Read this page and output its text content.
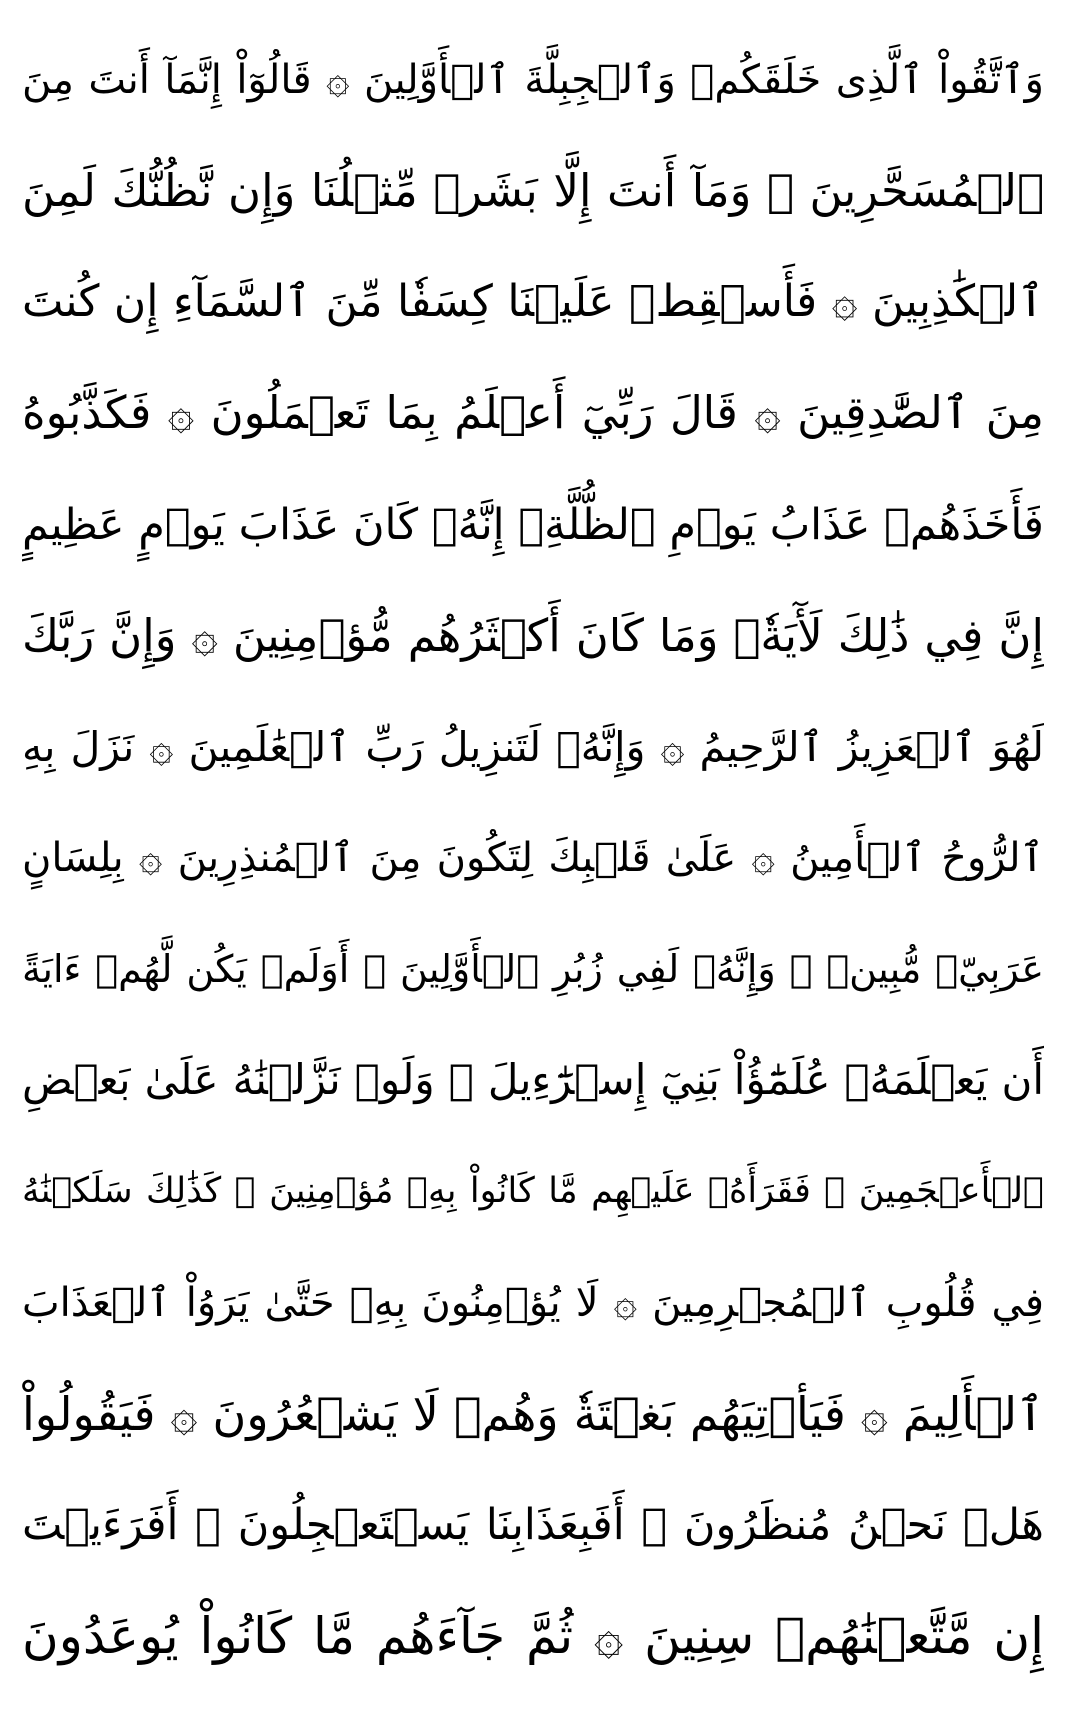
وَٱتَّقُواْ ٱلَّذِى خَلَقَكُمۡ وَٱلۡجِبِلَّةَ ٱلۡأَوَّلِينَ ۞ قَالُوٓاْ إِنَّمَآ أَنتَ مِنَ
ٱلۡمُسَحَّرِينَ ۞ وَمَآ أَنتَ إِلَّا بَشَرٞ مِّثۡلُنَا وَإِن نَّظُنُّكَ لَمِنَ
ٱلۡكَٰذِبِينَ ۞ فَأَسۡقِطۡ عَلَيۡنَا كِسَفٗا مِّنَ ٱلسَّمَآءِ إِن كُنتَ
مِنَ ٱلصَّٰدِقِينَ ۞ قَالَ رَبِّيٓ أَعۡلَمُ بِمَا تَعۡمَلُونَ ۞ فَكَذَّبُوهُ
فَأَخَذَهُمۡ عَذَابُ يَوۡمِ ٱلظُّلَّةِۚ إِنَّهُۥ كَانَ عَذَابَ يَوۡمٍ عَظِيمٍ
إِنَّ فِي ذَٰلِكَ لَأٓيَةٗۖ وَمَا كَانَ أَكۡثَرُهُم مُّؤۡمِنِينَ ۞ وَإِنَّ رَبَّكَ
لَهُوَ ٱلۡعَزِيزُ ٱلرَّحِيمُ ۞ وَإِنَّهُۥ لَتَنزِيلُ رَبِّ ٱلۡعَٰلَمِينَ ۞ نَزَلَ بِهِ
ٱلرُّوحُ ٱلۡأَمِينُ ۞ عَلَىٰ قَلۡبِكَ لِتَكُونَ مِنَ ٱلۡمُنذِرِينَ ۞ بِلِسَانٍ
عَرَبِيّٖ مُّبِينٖ ۞ وَإِنَّهُۥ لَفِي زُبُرِ ٱلۡأَوَّلِينَ ۞ أَوَلَمۡ يَكُن لَّهُمۡ ءَايَةً
أَن يَعۡلَمَهُۥ عُلَمَٰٓؤُاْ بَنِيٓ إِسۡرَٰٓءِيلَ ۞ وَلَوۡ نَزَّلۡنَٰهُ عَلَىٰ بَعۡضِ
ٱلۡأَعۡجَمِينَ ۞ فَقَرَأَهُۥ عَلَيۡهِم مَّا كَانُواْ بِهِۦ مُؤۡمِنِينَ ۞ كَذَٰلِكَ سَلَكۡنَٰهُ
فِي قُلُوبِ ٱلۡمُجۡرِمِينَ ۞ لَا يُؤۡمِنُونَ بِهِۦ حَتَّىٰ يَرَوُاْ ٱلۡعَذَابَ
ٱلۡأَلِيمَ ۞ فَيَأۡتِيَهُم بَغۡتَةٗ وَهُمۡ لَا يَشۡعُرُونَ ۞ فَيَقُولُواْ
هَلۡ نَحۡنُ مُنظَرُونَ ۞ أَفَبِعَذَابِنَا يَسۡتَعۡجِلُونَ ۞ أَفَرَءَيۡتَ
إِن مَّتَّعۡنَٰهُمۡ سِنِينَ ۞ ثُمَّ جَآءَهُم مَّا كَانُواْ يُوعَدُونَ
